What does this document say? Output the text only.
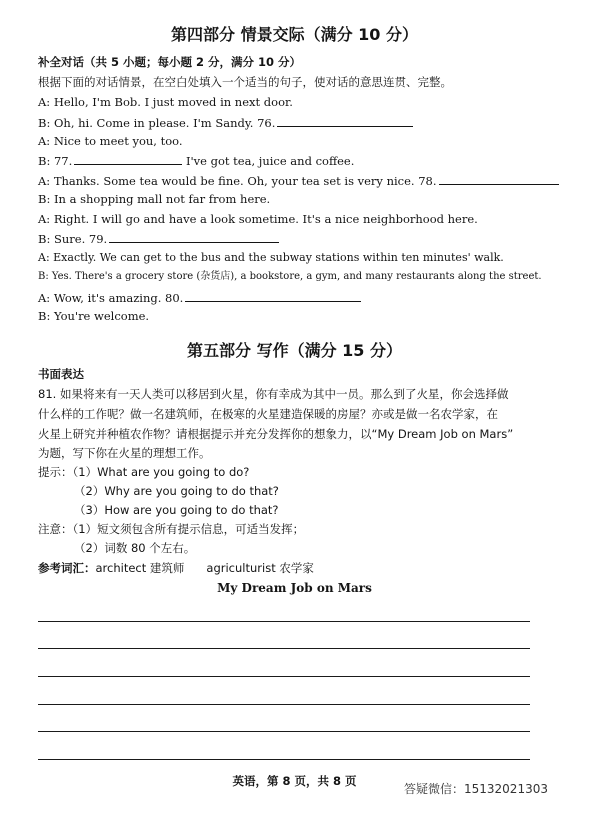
第四部分 情景交际（满分 10 分）
补全对话（共 5 小题；每小题 2 分，满分 10 分）
根据下面的对话情景，在空白处填入一个适当的句子，使对话的意思连贯、完整。
A: Hello, I'm Bob. I just moved in next door.
B: Oh, hi. Come in please. I'm Sandy. 76.
A: Nice to meet you, too.
B: 77.	I've got tea, juice and coffee.
A: Thanks. Some tea would be fine. Oh, your tea set is very nice. 78.
B: In a shopping mall not far from here.
A: Right. I will go and have a look sometime. It's a nice neighborhood here.
B: Sure. 79.
A: Exactly. We can get to the bus and the subway stations within ten minutes' walk.
B: Yes. There's a grocery store (杂货店), a bookstore, a gym, and many restaurants along the street.
A: Wow, it's amazing. 80.
B: You're welcome.
第五部分 写作（满分 15 分）
书面表达
81. 如果将来有一天人类可以移居到火星，你有幸成为其中一员。那么到了火星，你会选择做
什么样的工作呢？做一名建筑师，在极寒的火星建造保暖的房屋？亦或是做一名农学家，在
火星上研究并种植农作物？请根据提示并充分发挥你的想象力，以“My Dream Job on Mars”
为题，写下你在火星的理想工作。
提示：（1）What are you going to do?
（2）Why are you going to do that?
（3）How are you going to do that?
注意：（1）短文须包含所有提示信息，可适当发挥；
（2）词数 80 个左右。
参考词汇：architect 建筑师 agriculturist 农学家
My Dream Job on Mars
英语，第 8 页，共 8 页
答疑微信：15132021303
